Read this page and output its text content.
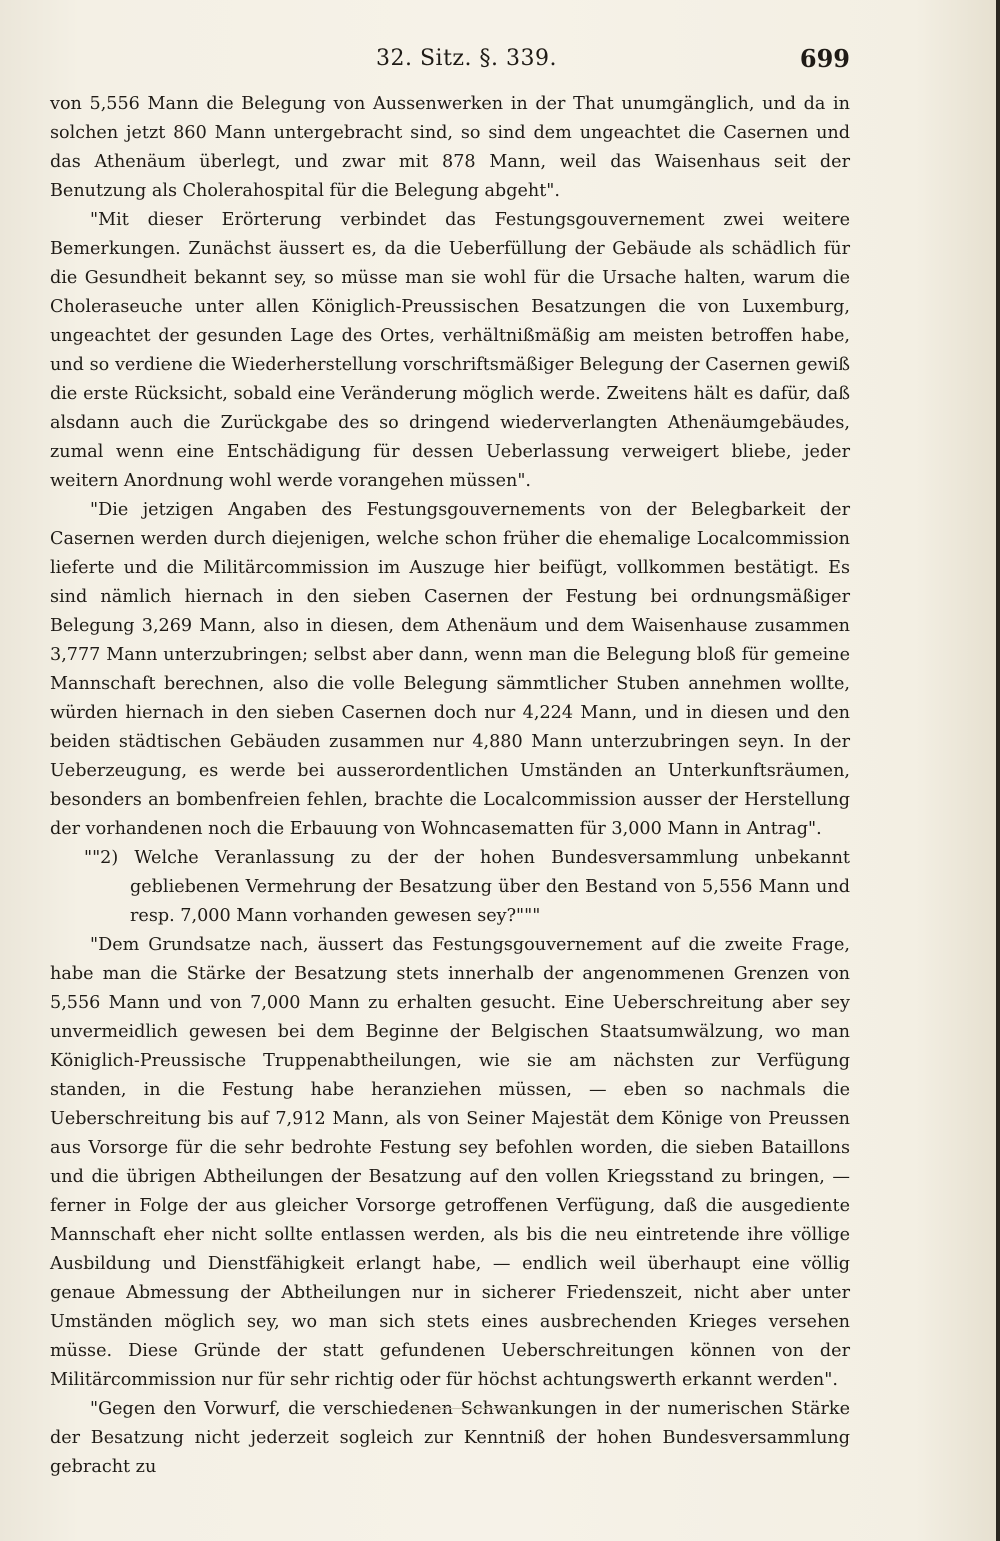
32. Sitz. §. 339.	699

von 5,556 Mann die Belegung von Aussenwerken in der That unumgänglich, und da in solchen jetzt 860 Mann untergebracht sind, so sind dem ungeachtet die Casernen und das Athenäum überlegt, und zwar mit 878 Mann, weil das Waisenhaus seit der Benutzung als Cholerahospital für die Belegung abgeht".

"Mit dieser Erörterung verbindet das Festungsgouvernement zwei weitere Bemerkungen. Zunächst äussert es, da die Ueberfüllung der Gebäude als schädlich für die Gesundheit bekannt sey, so müsse man sie wohl für die Ursache halten, warum die Choleraseuche unter allen Königlich-Preussischen Besatzungen die von Luxemburg, ungeachtet der gesunden Lage des Ortes, verhältnißmäßig am meisten betroffen habe, und so verdiene die Wiederherstellung vorschriftsmäßiger Belegung der Casernen gewiß die erste Rücksicht, sobald eine Veränderung möglich werde. Zweitens hält es dafür, daß alsdann auch die Zurückgabe des so dringend wiederverlangten Athenäumgebäudes, zumal wenn eine Entschädigung für dessen Ueberlassung verweigert bliebe, jeder weitern Anordnung wohl werde vorangehen müssen".

"Die jetzigen Angaben des Festungsgouvernements von der Belegbarkeit der Casernen werden durch diejenigen, welche schon früher die ehemalige Localcommission lieferte und die Militärcommission im Auszuge hier beifügt, vollkommen bestätigt. Es sind nämlich hiernach in den sieben Casernen der Festung bei ordnungsmäßiger Belegung 3,269 Mann, also in diesen, dem Athenäum und dem Waisenhause zusammen 3,777 Mann unterzubringen; selbst aber dann, wenn man die Belegung bloß für gemeine Mannschaft berechnen, also die volle Belegung sämmtlicher Stuben annehmen wollte, würden hiernach in den sieben Casernen doch nur 4,224 Mann, und in diesen und den beiden städtischen Gebäuden zusammen nur 4,880 Mann unterzubringen seyn. In der Ueberzeugung, es werde bei ausserordentlichen Umständen an Unterkunftsräumen, besonders an bombenfreien fehlen, brachte die Localcommission ausser der Herstellung der vorhandenen noch die Erbauung von Wohncasematten für 3,000 Mann in Antrag".

""2) Welche Veranlassung zu der der hohen Bundesversammlung unbekannt gebliebenen Vermehrung der Besatzung über den Bestand von 5,556 Mann und resp. 7,000 Mann vorhanden gewesen sey?"""

"Dem Grundsatze nach, äussert das Festungsgouvernement auf die zweite Frage, habe man die Stärke der Besatzung stets innerhalb der angenommenen Grenzen von 5,556 Mann und von 7,000 Mann zu erhalten gesucht. Eine Ueberschreitung aber sey unvermeidlich gewesen bei dem Beginne der Belgischen Staatsumwälzung, wo man Königlich-Preussische Truppenabtheilungen, wie sie am nächsten zur Verfügung standen, in die Festung habe heranziehen müssen, — eben so nachmals die Ueberschreitung bis auf 7,912 Mann, als von Seiner Majestät dem Könige von Preussen aus Vorsorge für die sehr bedrohte Festung sey befohlen worden, die sieben Bataillons und die übrigen Abtheilungen der Besatzung auf den vollen Kriegsstand zu bringen, — ferner in Folge der aus gleicher Vorsorge getroffenen Verfügung, daß die ausgediente Mannschaft eher nicht sollte entlassen werden, als bis die neu eintretende ihre völlige Ausbildung und Dienstfähigkeit erlangt habe, — endlich weil überhaupt eine völlig genaue Abmessung der Abtheilungen nur in sicherer Friedenszeit, nicht aber unter Umständen möglich sey, wo man sich stets eines ausbrechenden Krieges versehen müsse. Diese Gründe der statt gefundenen Ueberschreitungen können von der Militärcommission nur für sehr richtig oder für höchst achtungswerth erkannt werden".

"Gegen den Vorwurf, die verschiedenen Schwankungen in der numerischen Stärke der Besatzung nicht jederzeit sogleich zur Kenntniß der hohen Bundesversammlung gebracht zu
